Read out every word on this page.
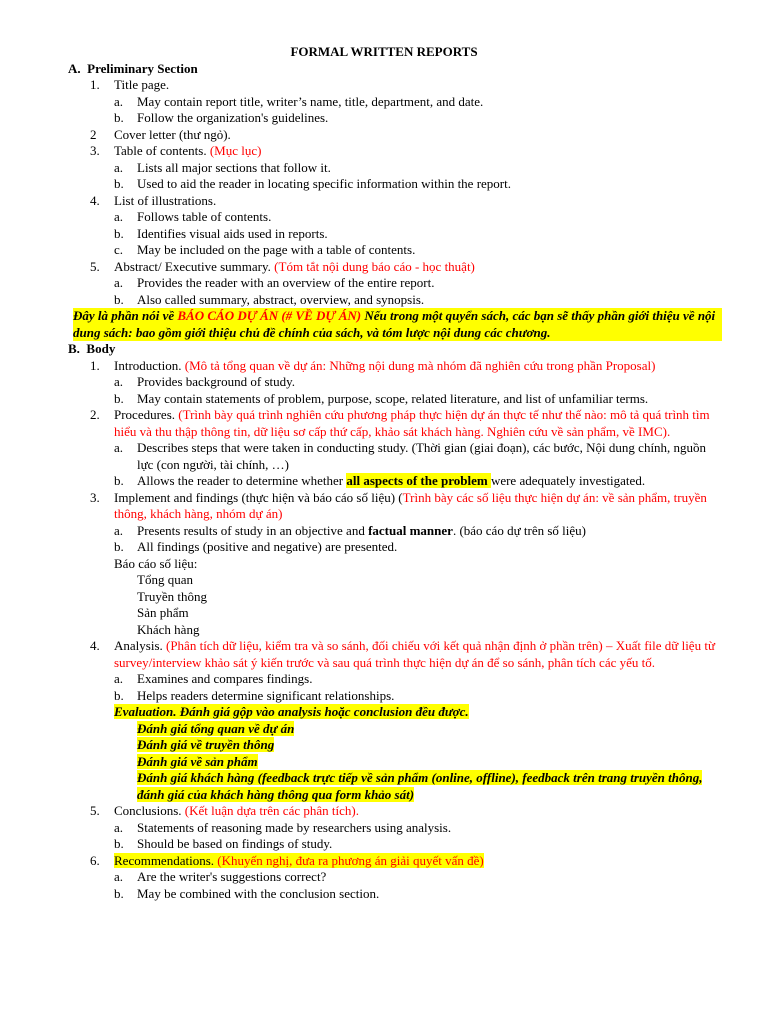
FORMAL WRITTEN REPORTS
A. Preliminary Section
1. Title page.
a. May contain report title, writer’s name, title, department, and date.
b. Follow the organization's guidelines.
2 Cover letter (thư ngỏ).
3. Table of contents. (Mục lục)
a. Lists all major sections that follow it.
b. Used to aid the reader in locating specific information within the report.
4. List of illustrations.
a. Follows table of contents.
b. Identifies visual aids used in reports.
c. May be included on the page with a table of contents.
5. Abstract/ Executive summary. (Tóm tắt nội dung báo cáo - học thuật)
a. Provides the reader with an overview of the entire report.
b. Also called summary, abstract, overview, and synopsis.
Đây là phần nói về BÁO CÁO DỰ ÁN (# VỀ DỰ ÁN) Nếu trong một quyển sách, các bạn sẽ thấy phần giới thiệu về nội dung sách: bao gồm giới thiệu chủ đề chính của sách, và tóm lược nội dung các chương.
B. Body
1. Introduction. (Mô tả tổng quan về dự án: Những nội dung mà nhóm đã nghiên cứu trong phần Proposal)
a. Provides background of study.
b. May contain statements of problem, purpose, scope, related literature, and list of unfamiliar terms.
2. Procedures. (Trình bày quá trình nghiên cứu phương pháp thực hiện dự án thực tế như thế nào: mô tả quá trình tìm hiểu và thu thập thông tin, dữ liệu sơ cấp thứ cấp, khảo sát khách hàng. Nghiên cứu về sản phẩm, về IMC).
a. Describes steps that were taken in conducting study. (Thời gian (giai đoạn), các bước, Nội dung chính, nguồn lực (con người, tài chính, …)
b. Allows the reader to determine whether all aspects of the problem were adequately investigated.
3. Implement and findings (thực hiện và báo cáo số liệu) (Trình bày các số liệu thực hiện dự án: về sản phẩm, truyền thông, khách hàng, nhóm dự án)
a. Presents results of study in an objective and factual manner. (báo cáo dự trên số liệu)
b. All findings (positive and negative) are presented.
Báo cáo số liệu:
Tổng quan
Truyền thông
Sản phẩm
Khách hàng
4. Analysis. (Phân tích dữ liệu, kiểm tra và so sánh, đối chiếu với kết quả nhận định ở phần trên) – Xuất file dữ liệu từ survey/interview khảo sát ý kiến trước và sau quá trình thực hiện dự án để so sánh, phân tích các yếu tố.
a. Examines and compares findings.
b. Helps readers determine significant relationships.
Evaluation. Đánh giá gộp vào analysis hoặc conclusion đều được.
Đánh giá tổng quan về dự án
Đánh giá về truyền thông
Đánh giá về sản phẩm
Đánh giá khách hàng (feedback trực tiếp về sản phẩm (online, offline), feedback trên trang truyền thông, đánh giá của khách hàng thông qua form khảo sát)
5. Conclusions. (Kết luận dựa trên các phân tích).
a. Statements of reasoning made by researchers using analysis.
b. Should be based on findings of study.
6. Recommendations. (Khuyến nghị, đưa ra phương án giải quyết vấn đề)
a. Are the writer's suggestions correct?
b. May be combined with the conclusion section.
